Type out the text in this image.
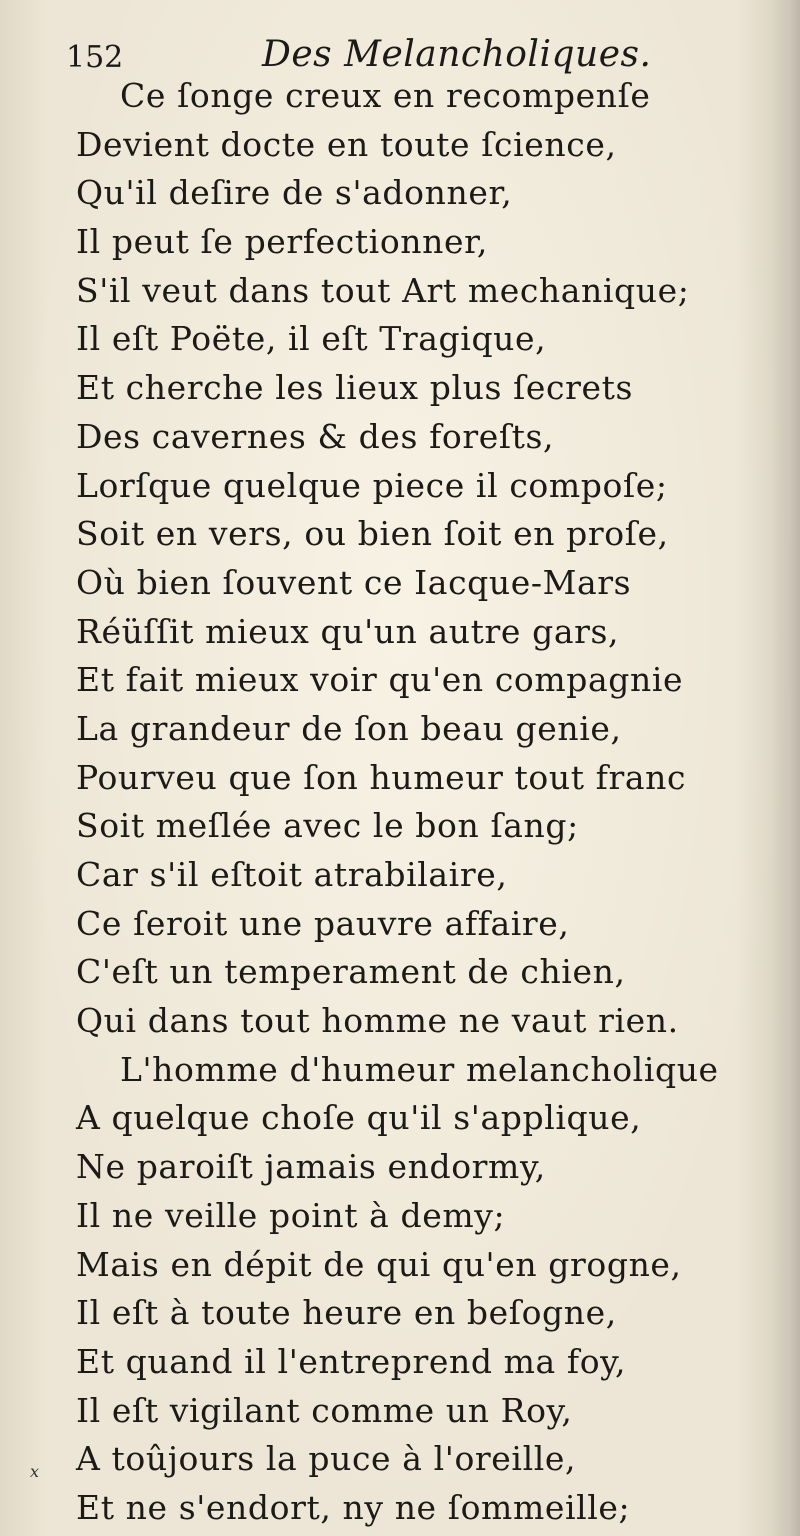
152	Des Melancholiques.
Ce ſonge creux en recompenſe
Devient docte en toute ſcience,
Qu'il deſire de s'adonner,
Il peut ſe perfectionner,
S'il veut dans tout Art mechanique;
Il eſt Poëte, il eſt Tragique,
Et cherche les lieux plus ſecrets
Des cavernes & des foreſts,
Lorſque quelque piece il compoſe;
Soit en vers, ou bien ſoit en proſe,
Où bien ſouvent ce Iacque-Mars
Réüſſit mieux qu'un autre gars,
Et fait mieux voir qu'en compagnie
La grandeur de ſon beau genie,
Pourveu que ſon humeur tout franc
Soit meſlée avec le bon ſang;
Car s'il eſtoit atrabilaire,
Ce ſeroit une pauvre affaire,
C'eſt un temperament de chien,
Qui dans tout homme ne vaut rien.
L'homme d'humeur melancholique
A quelque choſe qu'il s'applique,
Ne paroiſt jamais endormy,
Il ne veille point à demy;
Mais en dépit de qui qu'en grogne,
Il eſt à toute heure en beſogne,
Et quand il l'entreprend ma foy,
Il eſt vigilant comme un Roy,
A toûjours la puce à l'oreille,
Et ne s'endort, ny ne ſommeille;
x
